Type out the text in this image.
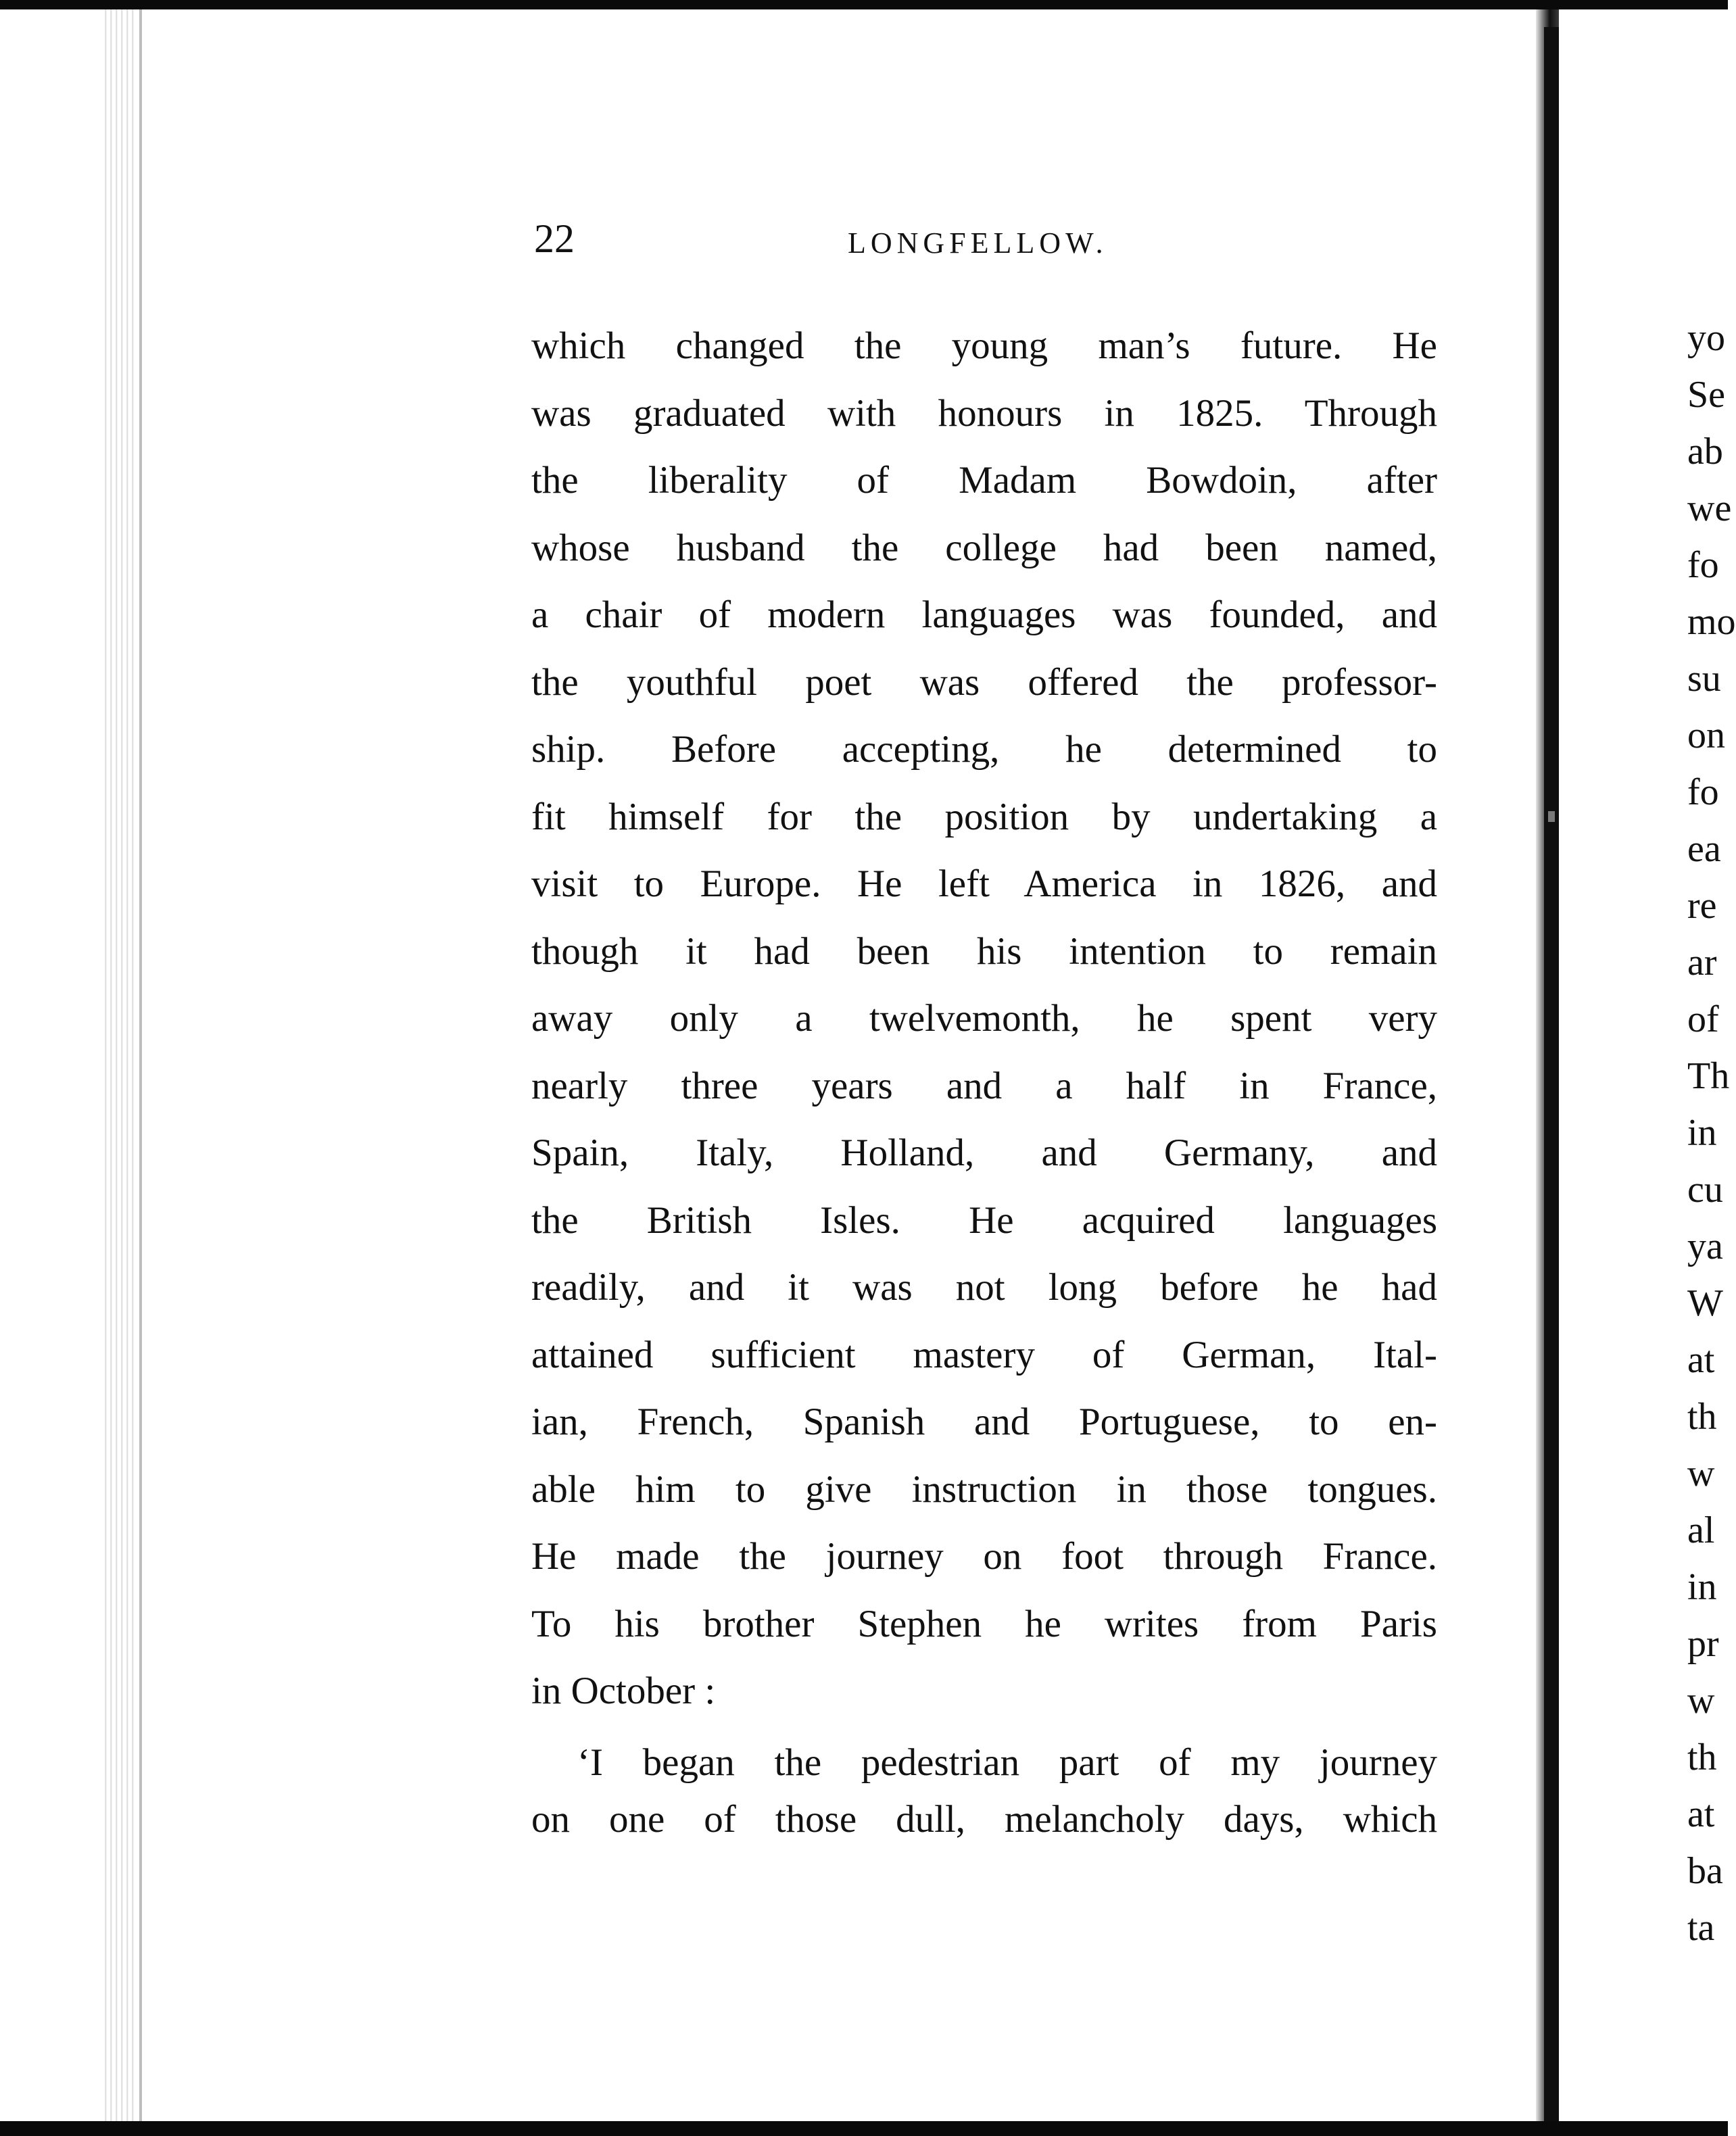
22	LONGFELLOW.
which changed the young man’s future. He
was graduated with honours in 1825. Through
the liberality of Madam Bowdoin, after
whose husband the college had been named,
a chair of modern languages was founded, and
the youthful poet was offered the professor-
ship. Before accepting, he determined to
fit himself for the position by undertaking a
visit to Europe. He left America in 1826, and
though it had been his intention to remain
away only a twelvemonth, he spent very
nearly three years and a half in France,
Spain, Italy, Holland, and Germany, and
the British Isles. He acquired languages
readily, and it was not long before he had
attained sufficient mastery of German, Ital-
ian, French, Spanish and Portuguese, to en-
able him to give instruction in those tongues.
He made the journey on foot through France.
To his brother Stephen he writes from Paris
in October :
‘I began the pedestrian part of my journey
on one of those dull, melancholy days, which
yo
Se
ab
we
fo
mo
su
on
fo
ea
re
ar
of
Th
in
cu
ya
W
at
th
w
al
in
pr
w
th
at
ba
ta
